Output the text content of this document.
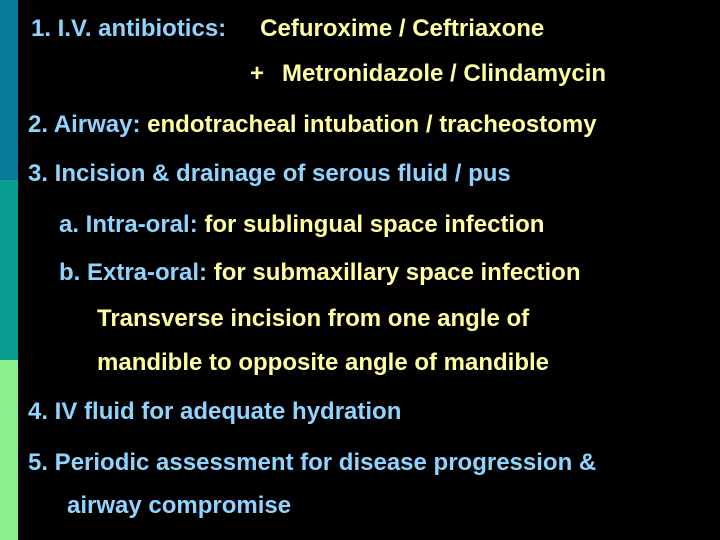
1. I.V. antibiotics: Cefuroxime / Ceftriaxone
+ Metronidazole / Clindamycin
2. Airway: endotracheal intubation / tracheostomy
3. Incision & drainage of serous fluid / pus
a. Intra-oral: for sublingual space infection
b. Extra-oral: for submaxillary space infection
Transverse incision from one angle of
mandible to opposite angle of mandible
4. IV fluid for adequate hydration
5. Periodic assessment for disease progression &
airway compromise
